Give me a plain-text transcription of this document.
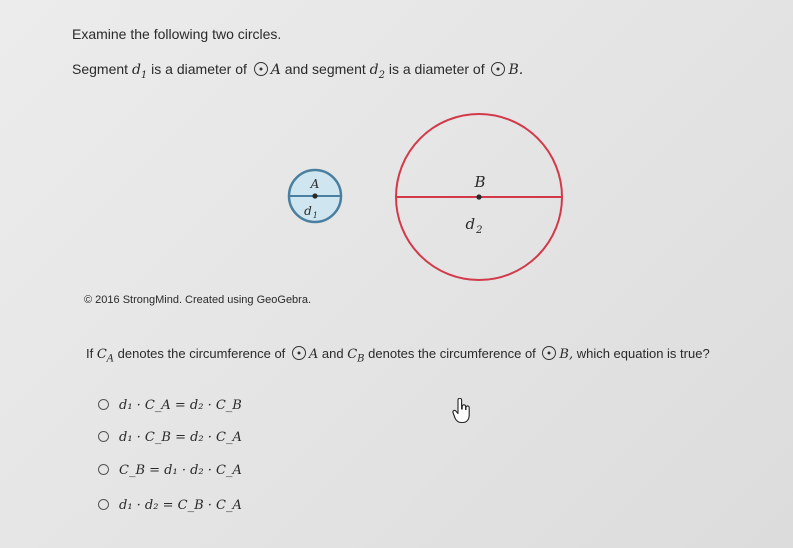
Examine the following two circles.
Segment $d_1$ is a diameter of A and segment $d_2$ is a diameter of B.
A
$d_1$
B
$d_2$
© 2016 StrongMind. Created using GeoGebra.
If $C_A$ denotes the circumference of A and $C_B$ denotes the circumference of B, which equation is true?
d₁ · C_A = d₂ · C_B
d₁ · C_B = d₂ · C_A
C_B = d₁ · d₂ · C_A
d₁ · d₂ = C_B · C_A
